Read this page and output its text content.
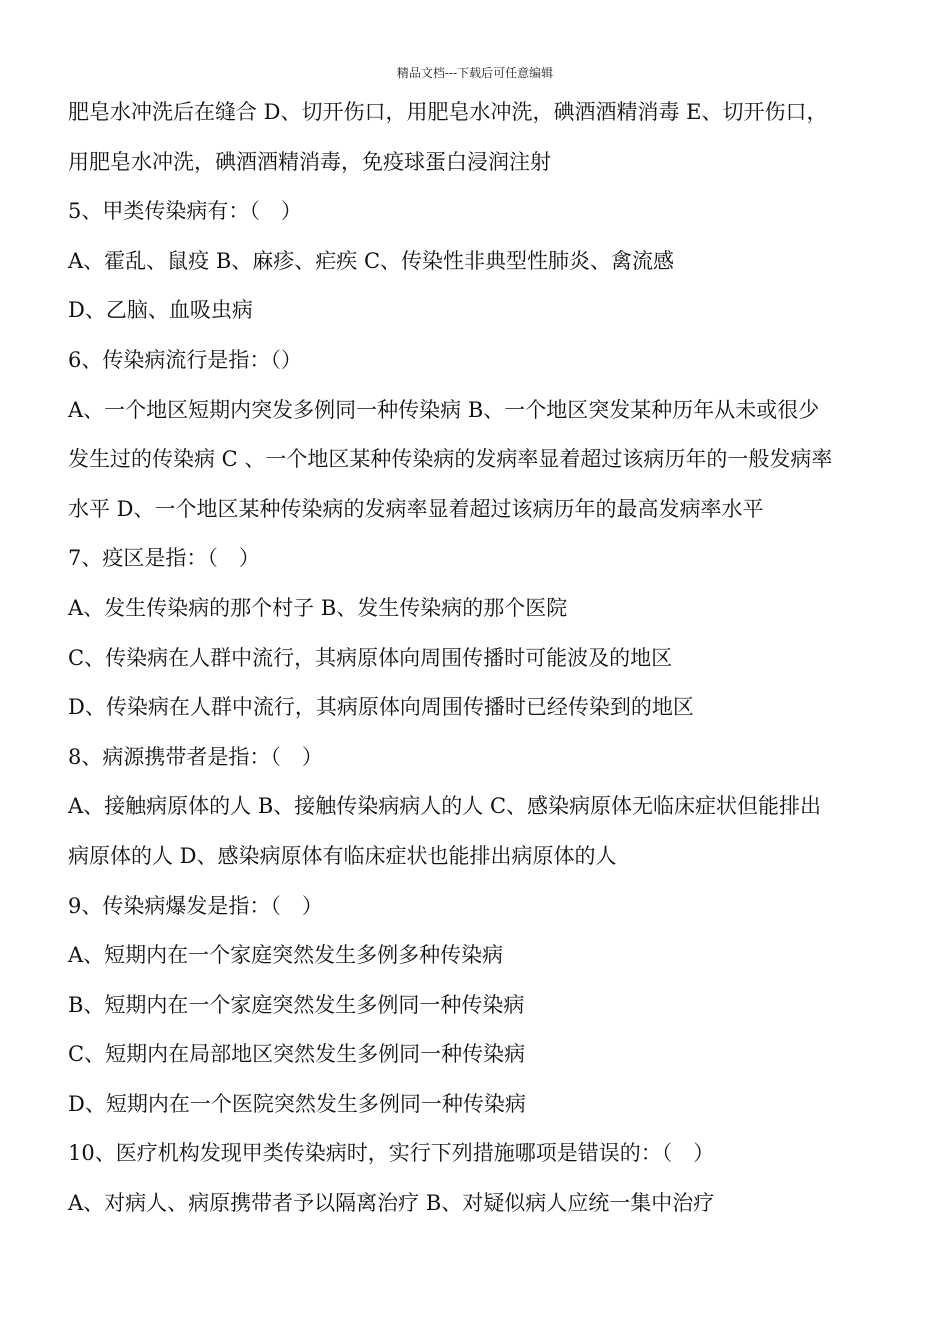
精品文档---下载后可任意编辑
肥皂水冲洗后在缝合 D、切开伤口，用肥皂水冲洗，碘酒酒精消毒 E、切开伤口，
用肥皂水冲洗，碘酒酒精消毒，免疫球蛋白浸润注射
5、甲类传染病有：（　）
A、霍乱、鼠疫 B、麻疹、疟疾 C、传染性非典型性肺炎、禽流感
D、乙脑、血吸虫病
6、传染病流行是指：（）
A、一个地区短期内突发多例同一种传染病 B、一个地区突发某种历年从未或很少
发生过的传染病 C 、一个地区某种传染病的发病率显着超过该病历年的一般发病率
水平 D、一个地区某种传染病的发病率显着超过该病历年的最高发病率水平
7、疫区是指：（　）
A、发生传染病的那个村子 B、发生传染病的那个医院
C、传染病在人群中流行，其病原体向周围传播时可能波及的地区
D、传染病在人群中流行，其病原体向周围传播时已经传染到的地区
8、病源携带者是指：（　）
A、接触病原体的人 B、接触传染病病人的人 C、感染病原体无临床症状但能排出
病原体的人 D、感染病原体有临床症状也能排出病原体的人
9、传染病爆发是指：（　）
A、短期内在一个家庭突然发生多例多种传染病
B、短期内在一个家庭突然发生多例同一种传染病
C、短期内在局部地区突然发生多例同一种传染病
D、短期内在一个医院突然发生多例同一种传染病
10、医疗机构发现甲类传染病时，实行下列措施哪项是错误的：（　）
A、对病人、病原携带者予以隔离治疗 B、对疑似病人应统一集中治疗
